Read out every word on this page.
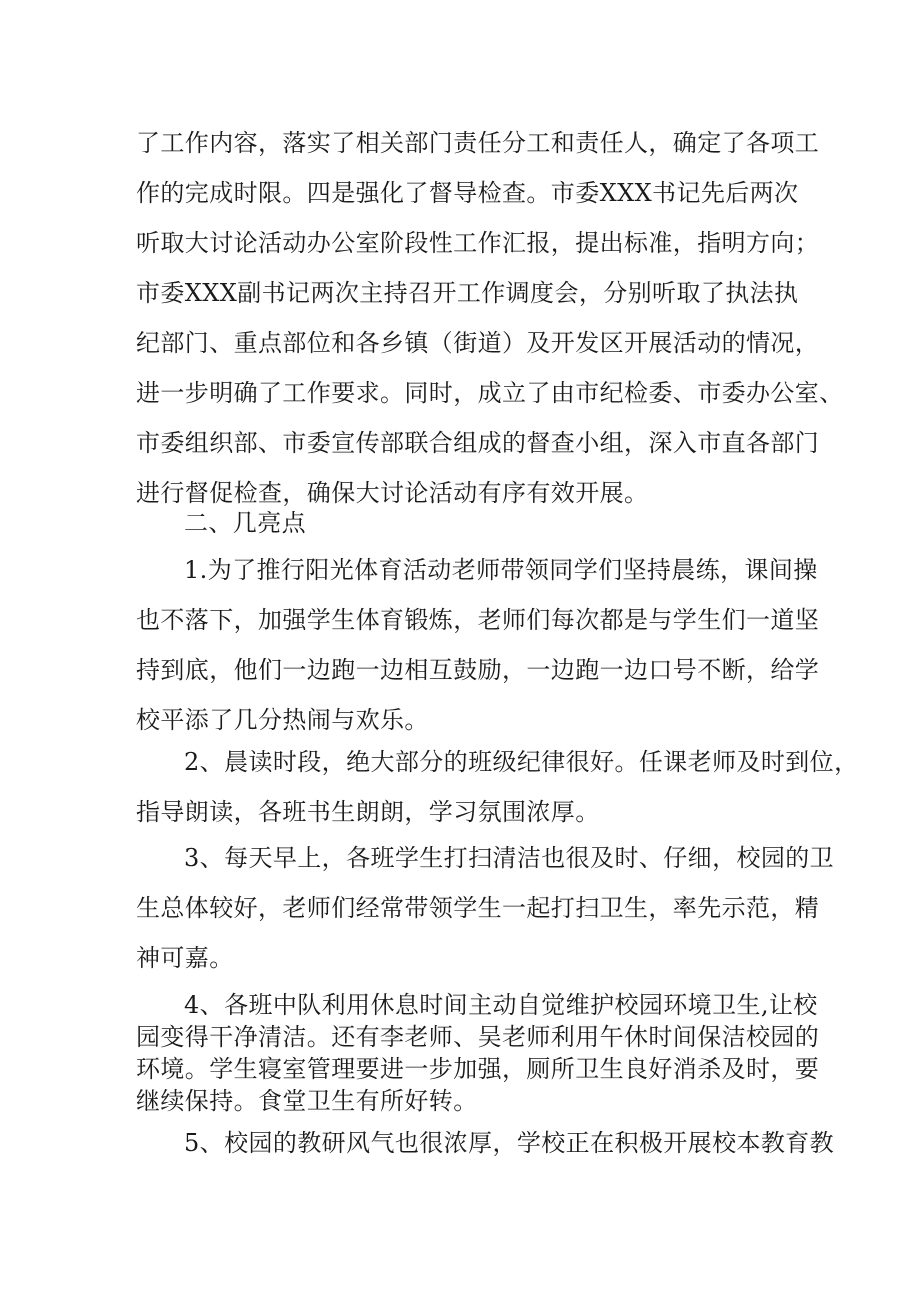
了工作内容，落实了相关部门责任分工和责任人，确定了各项工
作的完成时限。四是强化了督导检查。市委XXX书记先后两次
听取大讨论活动办公室阶段性工作汇报，提出标准，指明方向；
市委XXX副书记两次主持召开工作调度会，分别听取了执法执
纪部门、重点部位和各乡镇（街道）及开发区开展活动的情况，
进一步明确了工作要求。同时，成立了由市纪检委、市委办公室、
市委组织部、市委宣传部联合组成的督查小组，深入市直各部门
进行督促检查，确保大讨论活动有序有效开展。
二、几亮点
1.为了推行阳光体育活动老师带领同学们坚持晨练，课间操
也不落下，加强学生体育锻炼，老师们每次都是与学生们一道坚
持到底，他们一边跑一边相互鼓励，一边跑一边口号不断，给学
校平添了几分热闹与欢乐。
2、晨读时段，绝大部分的班级纪律很好。任课老师及时到位，
指导朗读，各班书生朗朗，学习氛围浓厚。
3、每天早上，各班学生打扫清洁也很及时、仔细，校园的卫
生总体较好，老师们经常带领学生一起打扫卫生，率先示范，精
神可嘉。
4、各班中队利用休息时间主动自觉维护校园环境卫生,让校
园变得干净清洁。还有李老师、吴老师利用午休时间保洁校园的
环境。学生寝室管理要进一步加强，厕所卫生良好消杀及时，要
继续保持。食堂卫生有所好转。
5、校园的教研风气也很浓厚，学校正在积极开展校本教育教
